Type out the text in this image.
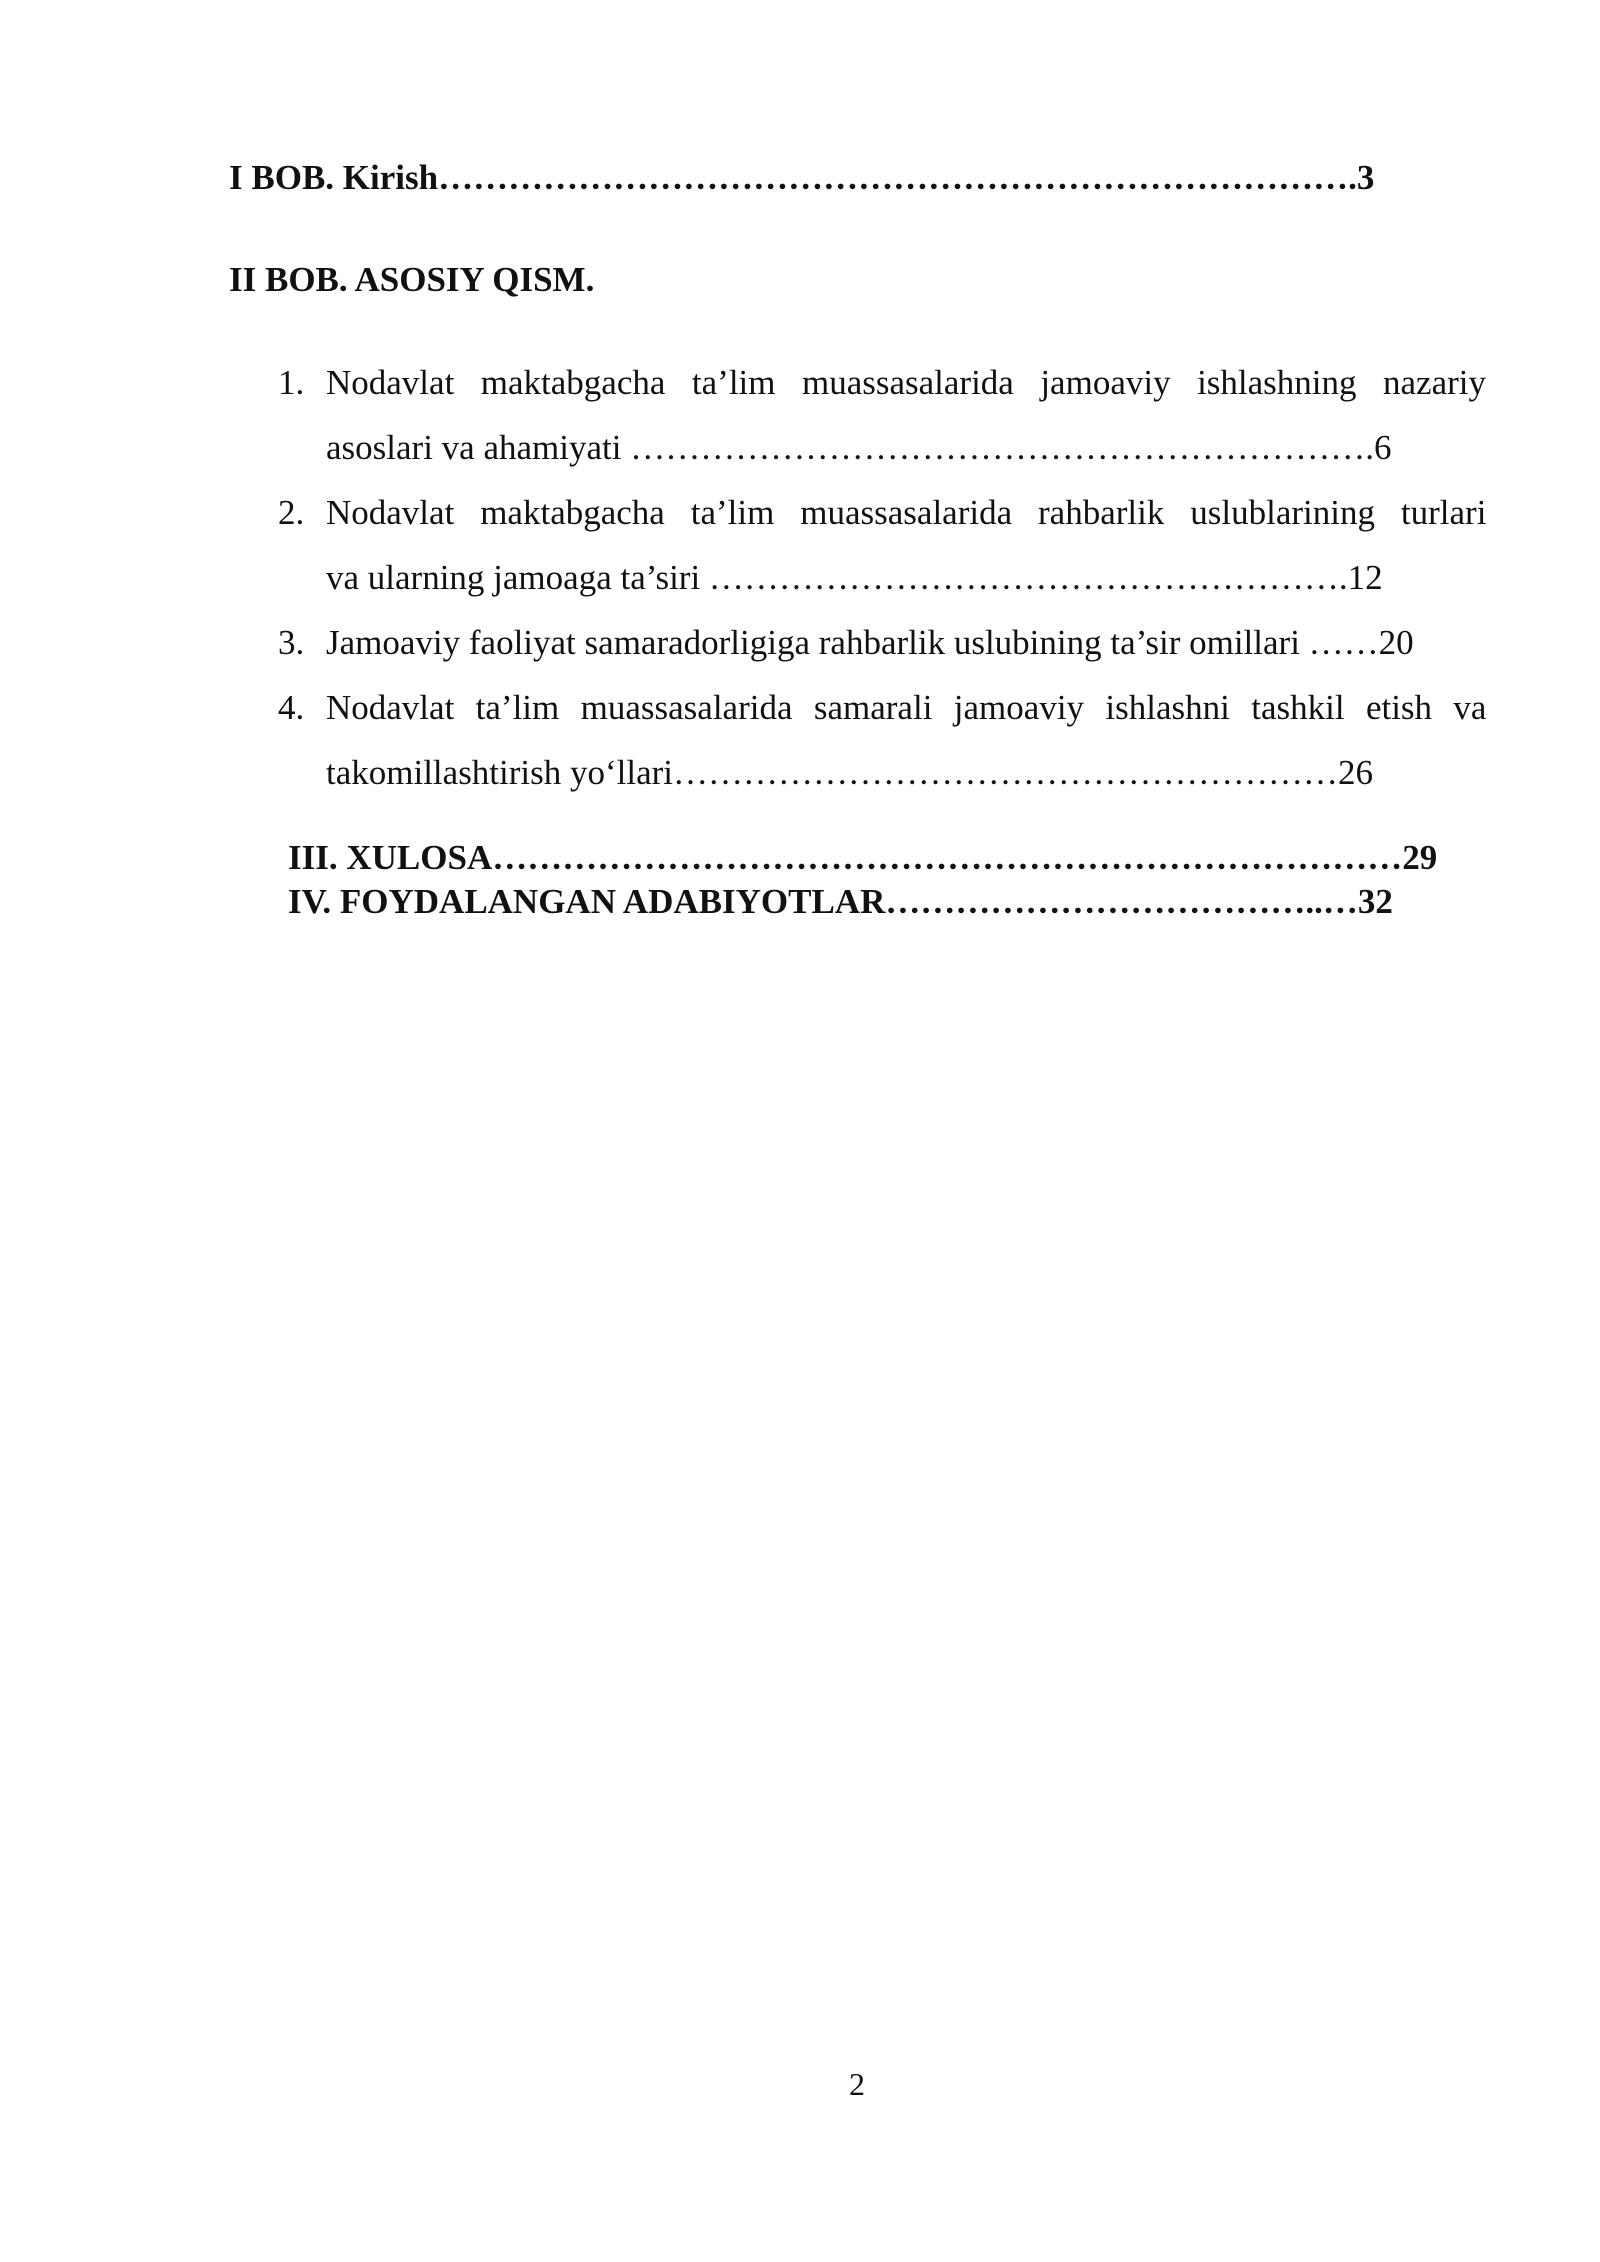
I BOB. Kirish…………………………………………………………………….3
II BOB. ASOSIY QISM.
1. Nodavlat maktabgacha ta’lim muassasalarida jamoaviy ishlashning nazariy
asoslari va ahamiyati ……………………………………………………….6
2. Nodavlat maktabgacha ta’lim muassasalarida rahbarlik uslublarining turlari
va ularning jamoaga ta’siri ……………………………………………….12
3. Jamoaviy faoliyat samaradorligiga rahbarlik uslubining ta’sir omillari ……20
4. Nodavlat ta’lim muassasalarida samarali jamoaviy ishlashni tashkil etish va
takomillashtirish yo‘llari…………………………………………………26
III. XULOSA……………………………………………………………………29
IV. FOYDALANGAN ADABIYOTLAR………………………………..…32
2
